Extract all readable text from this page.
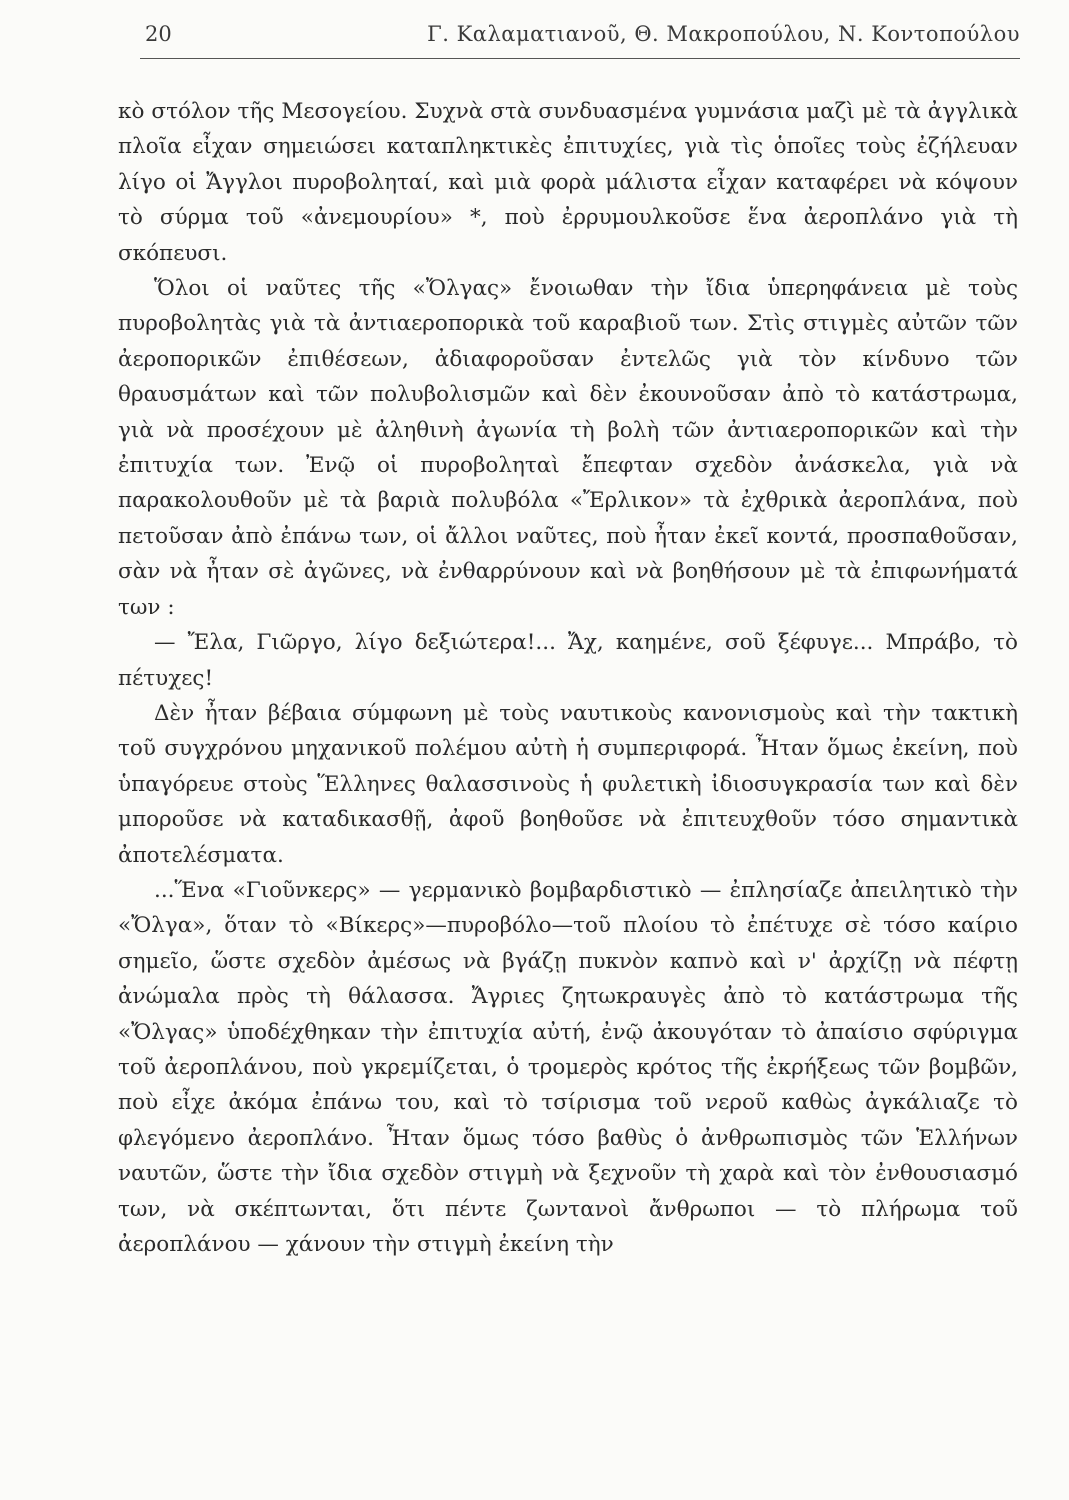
20	Γ. Καλαματιανοῦ, Θ. Μακροπούλου, Ν. Κοντοπούλου

κὸ στόλον τῆς Μεσογείου. Συχνὰ στὰ συνδυασμένα γυμνάσια μαζὶ μὲ τὰ ἀγγλικὰ πλοῖα εἶχαν σημειώσει καταπληκτικὲς ἐπιτυχίες, γιὰ τὶς ὁποῖες τοὺς ἐζήλευαν λίγο οἱ Ἄγγλοι πυροβοληταί, καὶ μιὰ φορὰ μάλιστα εἶχαν καταφέρει νὰ κόψουν τὸ σύρμα τοῦ «ἀνεμουρίου» *, ποὺ ἐρρυμουλκοῦσε ἕνα ἀεροπλάνο γιὰ τὴ σκόπευσι.

Ὅλοι οἱ ναῦτες τῆς «Ὄλγας» ἔνοιωθαν τὴν ἴδια ὑπερηφάνεια μὲ τοὺς πυροβολητὰς γιὰ τὰ ἀντιαεροπορικὰ τοῦ καραβιοῦ των. Στὶς στιγμὲς αὐτῶν τῶν ἀεροπορικῶν ἐπιθέσεων, ἀδιαφοροῦσαν ἐντελῶς γιὰ τὸν κίνδυνο τῶν θραυσμάτων καὶ τῶν πολυβολισμῶν καὶ δὲν ἐκουνοῦσαν ἀπὸ τὸ κατάστρωμα, γιὰ νὰ προσέχουν μὲ ἀληθινὴ ἀγωνία τὴ βολὴ τῶν ἀντιαεροπορικῶν καὶ τὴν ἐπιτυχία των. Ἐνῷ οἱ πυροβοληταὶ ἔπεφταν σχεδὸν ἀνάσκελα, γιὰ νὰ παρακολουθοῦν μὲ τὰ βαριὰ πολυβόλα «Ἔρλικον» τὰ ἐχθρικὰ ἀεροπλάνα, ποὺ πετοῦσαν ἀπὸ ἐπάνω των, οἱ ἄλλοι ναῦτες, ποὺ ἦταν ἐκεῖ κοντά, προσπαθοῦσαν, σὰν νὰ ἦταν σὲ ἀγῶνες, νὰ ἐνθαρρύνουν καὶ νὰ βοηθήσουν μὲ τὰ ἐπιφωνήματά των :

— Ἔλα, Γιῶργο, λίγο δεξιώτερα!... Ἄχ, καημένε, σοῦ ξέφυγε... Μπράβο, τὸ πέτυχες!

Δὲν ἦταν βέβαια σύμφωνη μὲ τοὺς ναυτικοὺς κανονισμοὺς καὶ τὴν τακτικὴ τοῦ συγχρόνου μηχανικοῦ πολέμου αὐτὴ ἡ συμπεριφορά. Ἦταν ὅμως ἐκείνη, ποὺ ὑπαγόρευε στοὺς Ἕλληνες θαλασσινοὺς ἡ φυλετικὴ ἰδιοσυγκρασία των καὶ δὲν μποροῦσε νὰ καταδικασθῇ, ἀφοῦ βοηθοῦσε νὰ ἐπιτευχθοῦν τόσο σημαντικὰ ἀποτελέσματα.

...Ἕνα «Γιοῦνκερς» — γερμανικὸ βομβαρδιστικὸ — ἐπλησίαζε ἀπειλητικὸ τὴν «Ὄλγα», ὅταν τὸ «Βίκερς»—πυροβόλο—τοῦ πλοίου τὸ ἐπέτυχε σὲ τόσο καίριο σημεῖο, ὥστε σχεδὸν ἀμέσως νὰ βγάζῃ πυκνὸν καπνὸ καὶ ν' ἀρχίζῃ νὰ πέφτῃ ἀνώμαλα πρὸς τὴ θάλασσα. Ἄγριες ζητωκραυγὲς ἀπὸ τὸ κατάστρωμα τῆς «Ὄλγας» ὑποδέχθηκαν τὴν ἐπιτυχία αὐτή, ἐνῷ ἀκουγόταν τὸ ἀπαίσιο σφύριγμα τοῦ ἀεροπλάνου, ποὺ γκρεμίζεται, ὁ τρομερὸς κρότος τῆς ἐκρήξεως τῶν βομβῶν, ποὺ εἶχε ἀκόμα ἐπάνω του, καὶ τὸ τσίρισμα τοῦ νεροῦ καθὼς ἀγκάλιαζε τὸ φλεγόμενο ἀεροπλάνο. Ἦταν ὅμως τόσο βαθὺς ὁ ἀνθρωπισμὸς τῶν Ἑλλήνων ναυτῶν, ὥστε τὴν ἴδια σχεδὸν στιγμὴ νὰ ξεχνοῦν τὴ χαρὰ καὶ τὸν ἐνθουσιασμό των, νὰ σκέπτωνται, ὅτι πέντε ζωντανοὶ ἄνθρωποι — τὸ πλήρωμα τοῦ ἀεροπλάνου — χάνουν τὴν στιγμὴ ἐκείνη τὴν
